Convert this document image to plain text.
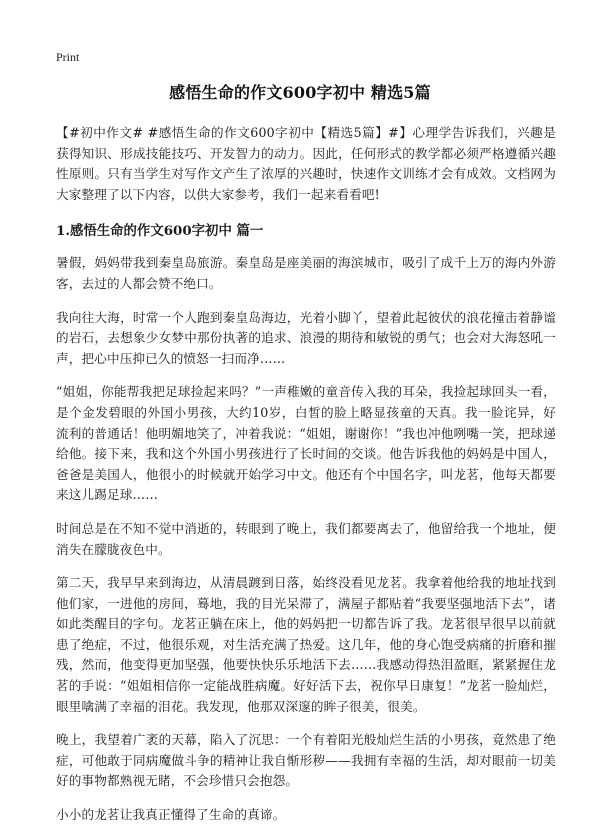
Print
感悟生命的作文600字初中 精选5篇

【#初中作文# #感悟生命的作文600字初中【精选5篇】#】心理学告诉我们，兴趣是获得知识、形成技能技巧、开发智力的动力。因此，任何形式的教学都必须严格遵循兴趣性原则。只有当学生对写作文产生了浓厚的兴趣时，快速作文训练才会有成效。文档网为大家整理了以下内容，以供大家参考，我们一起来看看吧!

1.感悟生命的作文600字初中 篇一

暑假，妈妈带我到秦皇岛旅游。秦皇岛是座美丽的海滨城市，吸引了成千上万的海内外游客，去过的人都会赞不绝口。

我向往大海，时常一个人跑到秦皇岛海边，光着小脚丫，望着此起彼伏的浪花撞击着静谧的岩石，去想象少女梦中那份执著的追求、浪漫的期待和敏锐的勇气；也会对大海怒吼一声，把心中压抑已久的愤怒一扫而净……

“姐姐，你能帮我把足球捡起来吗？”一声稚嫩的童音传入我的耳朵，我捡起球回头一看，是个金发碧眼的外国小男孩，大约10岁，白皙的脸上略显孩童的天真。我一脸诧异，好流利的普通话！他明媚地笑了，冲着我说：“姐姐，谢谢你！”我也冲他咧嘴一笑，把球递给他。接下来，我和这个外国小男孩进行了长时间的交谈。他告诉我他的妈妈是中国人，爸爸是美国人，他很小的时候就开始学习中文。他还有个中国名字，叫龙茗，他每天都要来这儿踢足球……

时间总是在不知不觉中消逝的，转眼到了晚上，我们都要离去了，他留给我一个地址，便消失在朦胧夜色中。

第二天，我早早来到海边，从清晨踱到日落，始终没看见龙茗。我拿着他给我的地址找到他们家，一进他的房间，蓦地，我的目光呆滞了，满屋子都贴着“我要坚强地活下去”，诸如此类醒目的字句。龙茗正躺在床上，他的妈妈把一切都告诉了我。龙茗很早很早以前就患了绝症，不过，他很乐观，对生活充满了热爱。这几年，他的身心饱受病痛的折磨和摧残，然而，他变得更加坚强，他要快快乐乐地活下去……我感动得热泪盈眶，紧紧握住龙茗的手说：“姐姐相信你一定能战胜病魔。好好活下去，祝你早日康复！”龙茗一脸灿烂，眼里噙满了幸福的泪花。我发现，他那双深邃的眸子很美，很美。

晚上，我望着广袤的天幕，陷入了沉思：一个有着阳光般灿烂生活的小男孩，竟然患了绝症，可他敢于同病魔做斗争的精神让我自惭形秽——我拥有幸福的生活，却对眼前一切美好的事物都熟视无睹，不会珍惜只会抱怨。

小小的龙茗让我真正懂得了生命的真谛。
